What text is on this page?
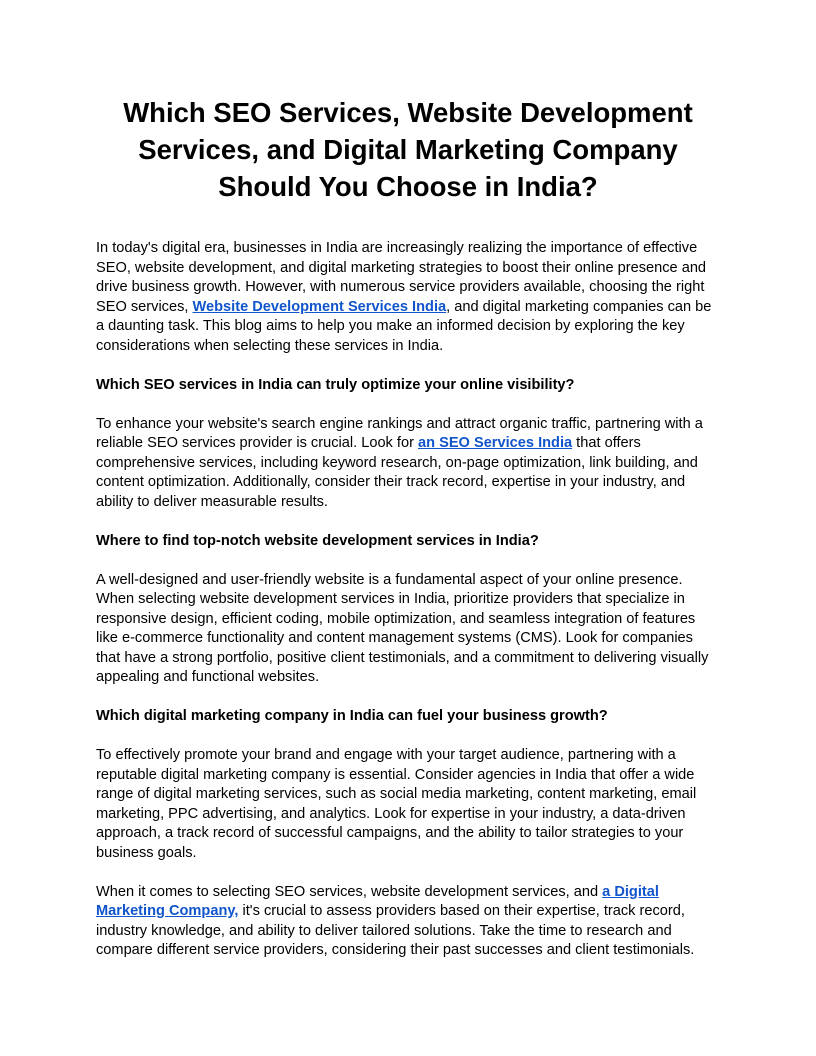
Which SEO Services, Website Development Services, and Digital Marketing Company Should You Choose in India?

In today's digital era, businesses in India are increasingly realizing the importance of effective SEO, website development, and digital marketing strategies to boost their online presence and drive business growth. However, with numerous service providers available, choosing the right SEO services, Website Development Services India, and digital marketing companies can be a daunting task. This blog aims to help you make an informed decision by exploring the key considerations when selecting these services in India.

Which SEO services in India can truly optimize your online visibility?

To enhance your website's search engine rankings and attract organic traffic, partnering with a reliable SEO services provider is crucial. Look for an SEO Services India that offers comprehensive services, including keyword research, on-page optimization, link building, and content optimization. Additionally, consider their track record, expertise in your industry, and ability to deliver measurable results.

Where to find top-notch website development services in India?

A well-designed and user-friendly website is a fundamental aspect of your online presence. When selecting website development services in India, prioritize providers that specialize in responsive design, efficient coding, mobile optimization, and seamless integration of features like e-commerce functionality and content management systems (CMS). Look for companies that have a strong portfolio, positive client testimonials, and a commitment to delivering visually appealing and functional websites.

Which digital marketing company in India can fuel your business growth?

To effectively promote your brand and engage with your target audience, partnering with a reputable digital marketing company is essential. Consider agencies in India that offer a wide range of digital marketing services, such as social media marketing, content marketing, email marketing, PPC advertising, and analytics. Look for expertise in your industry, a data-driven approach, a track record of successful campaigns, and the ability to tailor strategies to your business goals.

When it comes to selecting SEO services, website development services, and a Digital Marketing Company, it's crucial to assess providers based on their expertise, track record, industry knowledge, and ability to deliver tailored solutions. Take the time to research and compare different service providers, considering their past successes and client testimonials.
